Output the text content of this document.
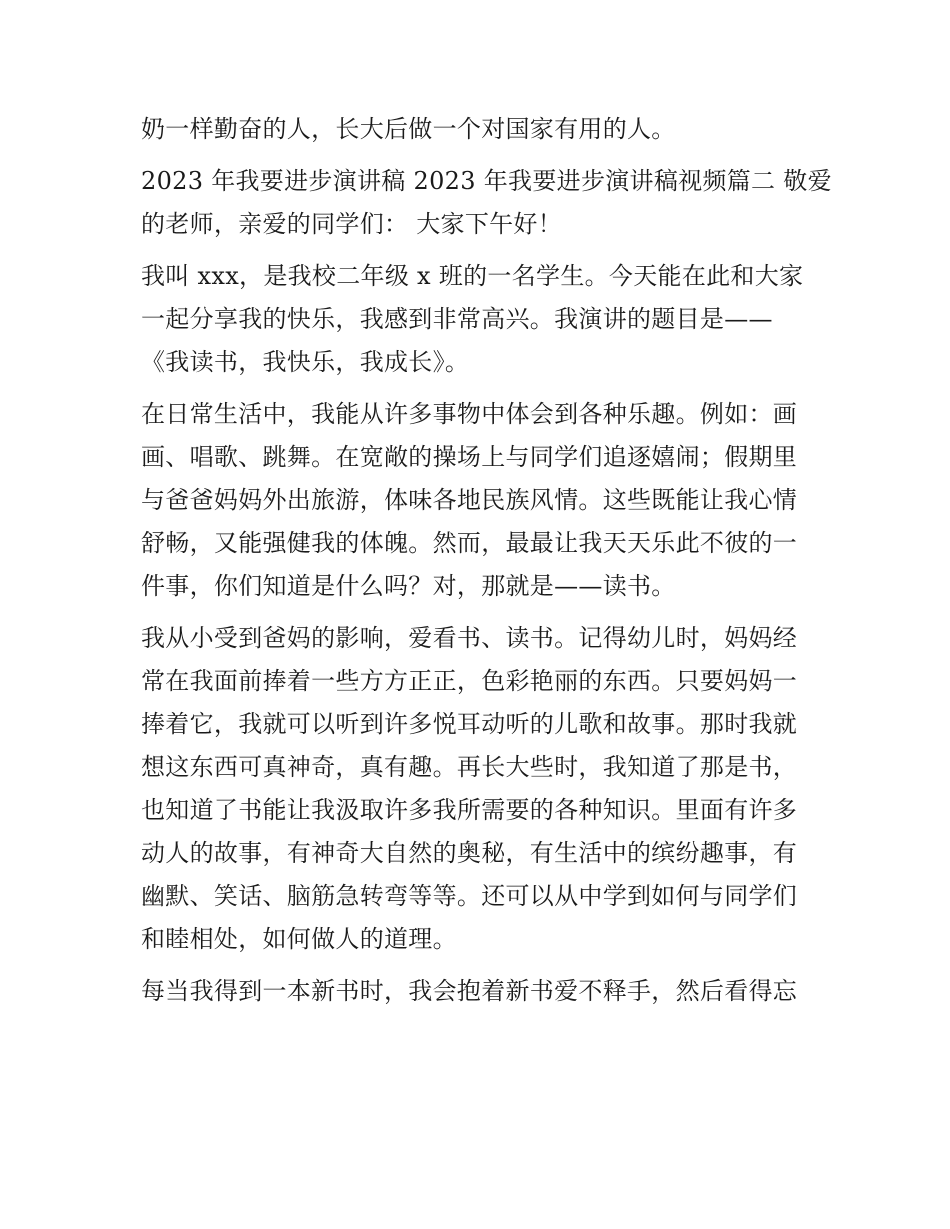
奶一样勤奋的人，长大后做一个对国家有用的人。

2023 年我要进步演讲稿 2023 年我要进步演讲稿视频篇二 敬爱
的老师，亲爱的同学们： 大家下午好！

我叫 xxx，是我校二年级 x 班的一名学生。今天能在此和大家
一起分享我的快乐，我感到非常高兴。我演讲的题目是——
《我读书，我快乐，我成长》。

在日常生活中，我能从许多事物中体会到各种乐趣。例如：画
画、唱歌、跳舞。在宽敞的操场上与同学们追逐嬉闹；假期里
与爸爸妈妈外出旅游，体味各地民族风情。这些既能让我心情
舒畅，又能强健我的体魄。然而，最最让我天天乐此不彼的一
件事，你们知道是什么吗？对，那就是——读书。

我从小受到爸妈的影响，爱看书、读书。记得幼儿时，妈妈经
常在我面前捧着一些方方正正，色彩艳丽的东西。只要妈妈一
捧着它，我就可以听到许多悦耳动听的儿歌和故事。那时我就
想这东西可真神奇，真有趣。再长大些时，我知道了那是书，
也知道了书能让我汲取许多我所需要的各种知识。里面有许多
动人的故事，有神奇大自然的奥秘，有生活中的缤纷趣事，有
幽默、笑话、脑筋急转弯等等。还可以从中学到如何与同学们
和睦相处，如何做人的道理。

每当我得到一本新书时，我会抱着新书爱不释手，然后看得忘
